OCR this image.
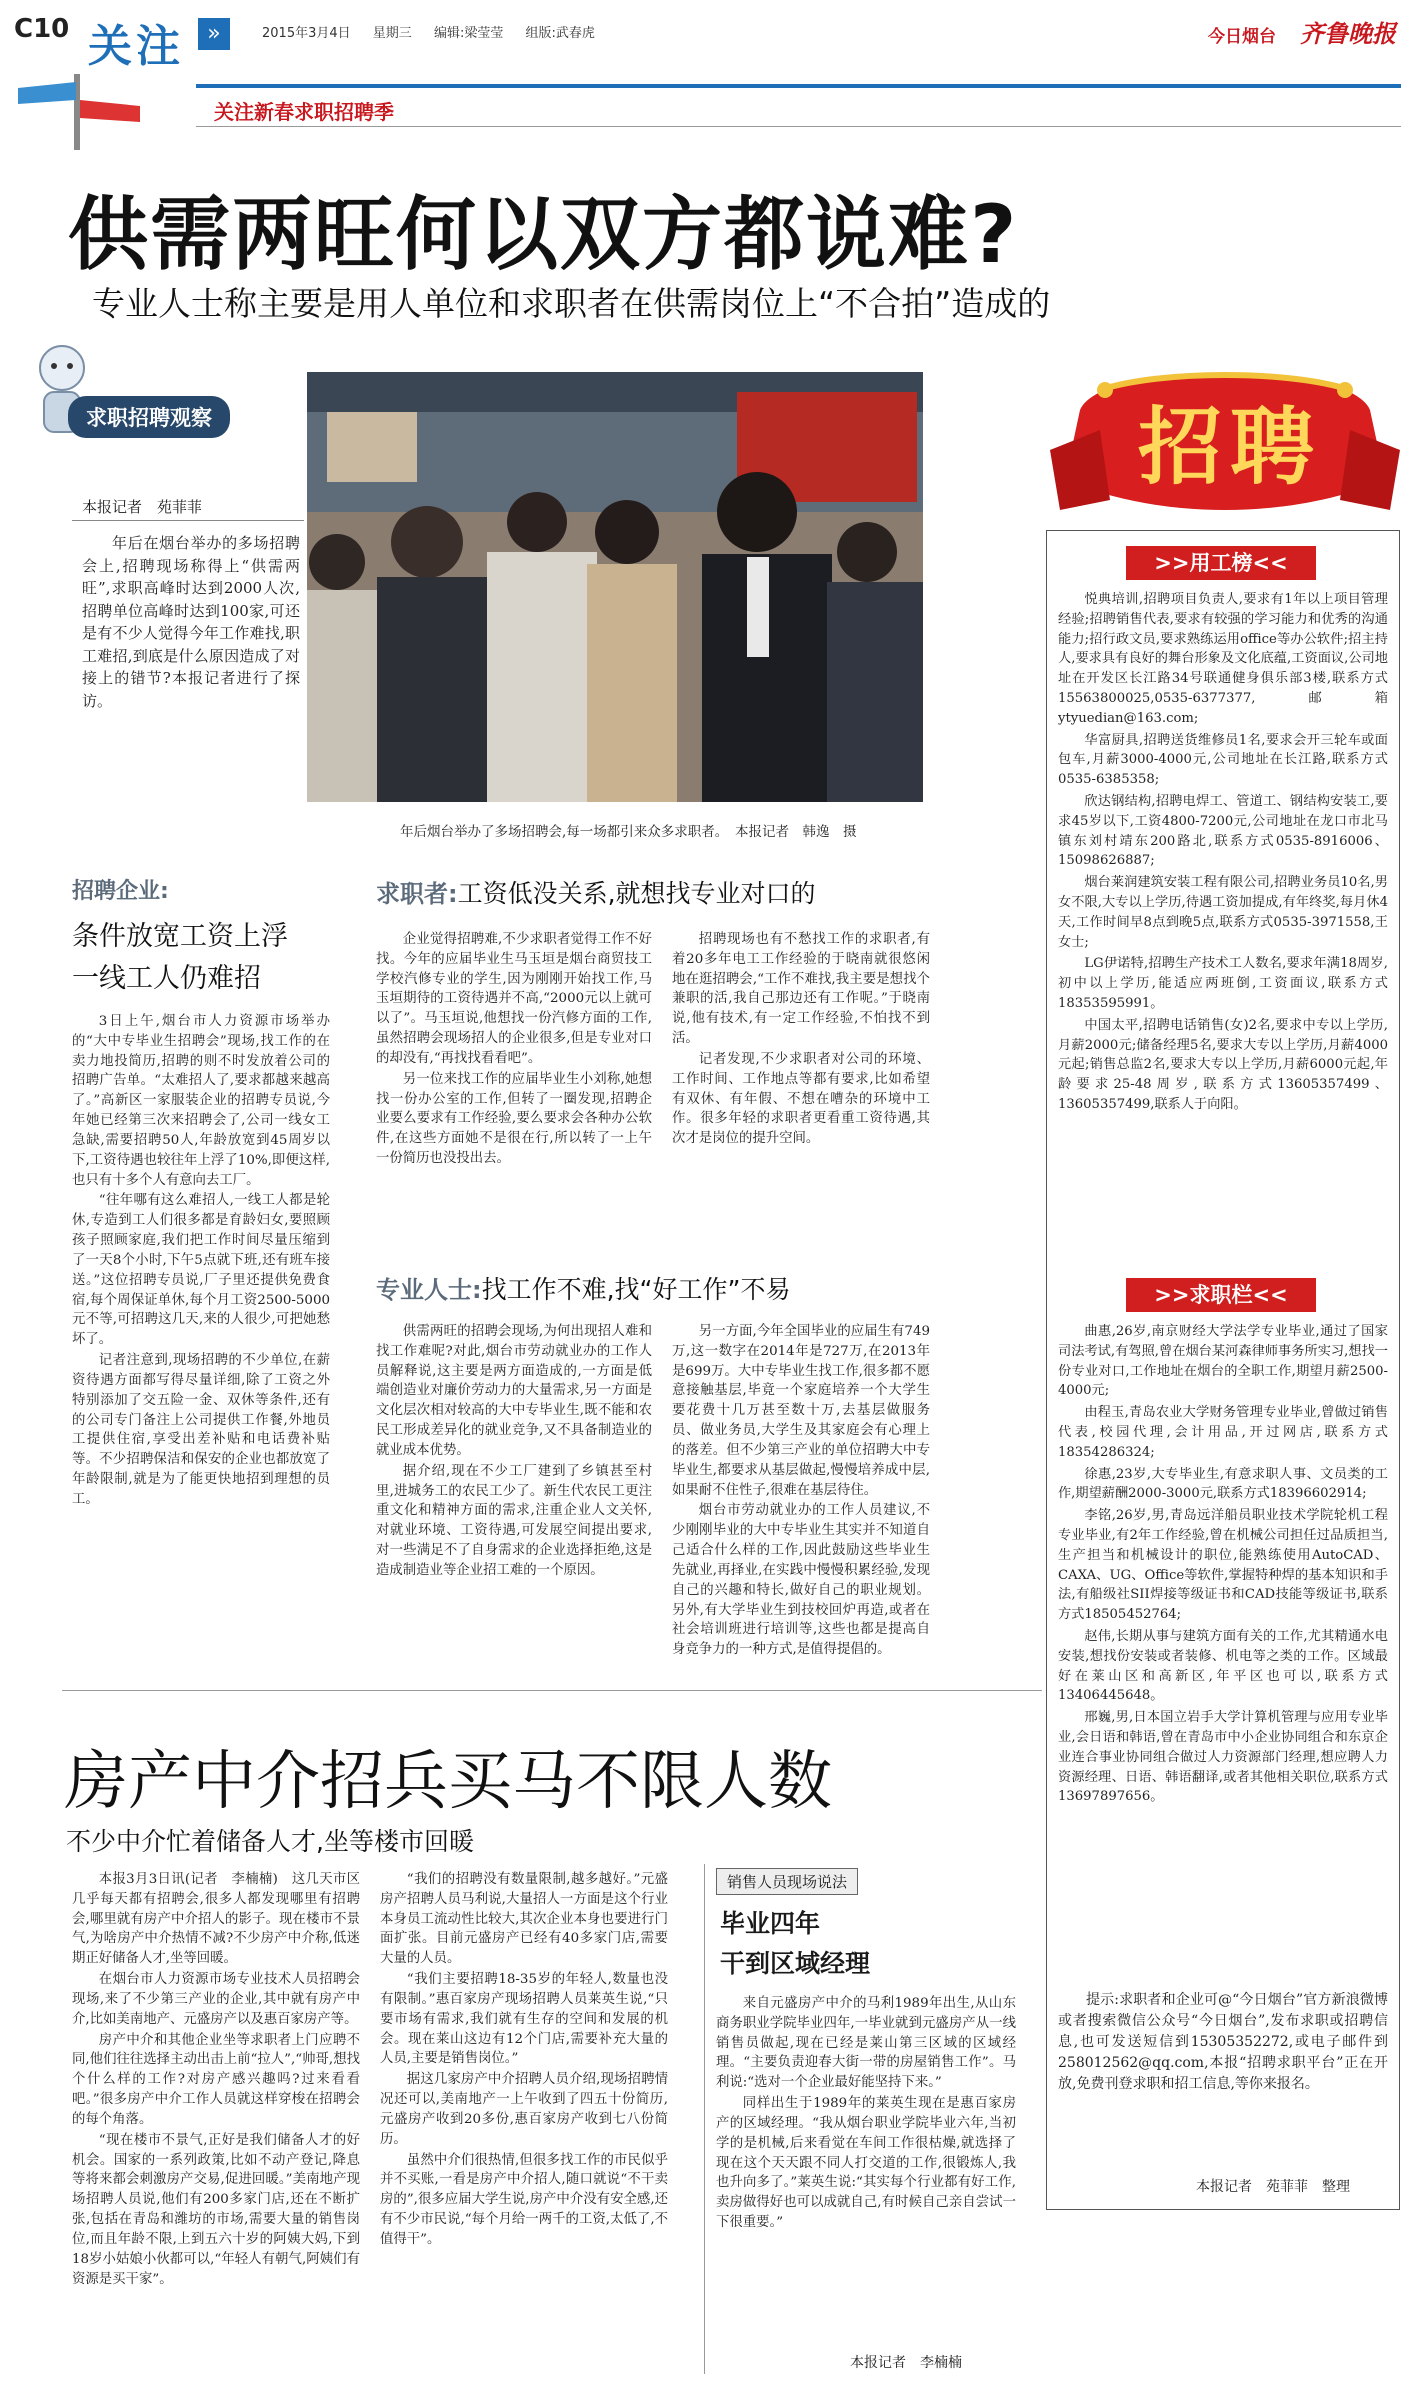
C10 关注	»	2015年3月4日 星期三 编辑:梁莹莹 组版:武春虎	今日烟台 齐鲁晚报
关注新春求职招聘季
供需两旺何以双方都说难?
专业人士称主要是用人单位和求职者在供需岗位上“不合拍”造成的
求职招聘观察
本报记者　苑菲菲

年后在烟台举办的多场招聘会上,招聘现场称得上“供需两旺”,求职高峰时达到2000人次,招聘单位高峰时达到100家,可还是有不少人觉得今年工作难找,职工难招,到底是什么原因造成了对接上的错节?本报记者进行了探访。

年后烟台举办了多场招聘会,每一场都引来众多求职者。　本报记者　韩逸　摄
招聘企业:
条件放宽工资上浮
一线工人仍难招

3日上午,烟台市人力资源市场举办的“大中专毕业生招聘会”现场,找工作的在卖力地投简历,招聘的则不时发放着公司的招聘广告单。“太难招人了,要求都越来越高了。”高新区一家服装企业的招聘专员说,今年她已经第三次来招聘会了,公司一线女工急缺,需要招聘50人,年龄放宽到45周岁以下,工资待遇也较往年上浮了10%,即便这样,也只有十多个人有意向去工厂。

“往年哪有这么难招人,一线工人都是轮休,专造到工人们很多都是育龄妇女,要照顾孩子照顾家庭,我们把工作时间尽量压缩到了一天8个小时,下午5点就下班,还有班车接送。”这位招聘专员说,厂子里还提供免费食宿,每个周保证单休,每个月工资2500-5000元不等,可招聘这几天,来的人很少,可把她愁坏了。

记者注意到,现场招聘的不少单位,在薪资待遇方面都写得尽量详细,除了工资之外特别添加了交五险一金、双休等条件,还有的公司专门备注上公司提供工作餐,外地员工提供住宿,享受出差补贴和电话费补贴等。不少招聘保洁和保安的企业也都放宽了年龄限制,就是为了能更快地招到理想的员工。

求职者:工资低没关系,就想找专业对口的

企业觉得招聘难,不少求职者觉得工作不好找。今年的应届毕业生马玉垣是烟台商贸技工学校汽修专业的学生,因为刚刚开始找工作,马玉垣期待的工资待遇并不高,“2000元以上就可以了”。马玉垣说,他想找一份汽修方面的工作,虽然招聘会现场招人的企业很多,但是专业对口的却没有,“再找找看看吧”。

另一位来找工作的应届毕业生小刘称,她想找一份办公室的工作,但转了一圈发现,招聘企业要么要求有工作经验,要么要求会各种办公软件,在这些方面她不是很在行,所以转了一上午一份简历也没投出去。

招聘现场也有不愁找工作的求职者,有着20多年电工工作经验的于晓南就很悠闲地在逛招聘会,“工作不难找,我主要是想找个兼职的活,我自己那边还有工作呢。”于晓南说,他有技术,有一定工作经验,不怕找不到活。

记者发现,不少求职者对公司的环境、工作时间、工作地点等都有要求,比如希望有双休、有年假、不想在嘈杂的环境中工作。很多年轻的求职者更看重工资待遇,其次才是岗位的提升空间。

专业人士:找工作不难,找“好工作”不易

供需两旺的招聘会现场,为何出现招人难和找工作难呢?对此,烟台市劳动就业办的工作人员解释说,这主要是两方面造成的,一方面是低端创造业对廉价劳动力的大量需求,另一方面是文化层次相对较高的大中专毕业生,既不能和农民工形成差异化的就业竞争,又不具备制造业的就业成本优势。

据介绍,现在不少工厂建到了乡镇甚至村里,进城务工的农民工少了。新生代农民工更注重文化和精神方面的需求,注重企业人文关怀,对就业环境、工资待遇,可发展空间提出要求,对一些满足不了自身需求的企业选择拒绝,这是造成制造业等企业招工难的一个原因。

另一方面,今年全国毕业的应届生有749万,这一数字在2014年是727万,在2013年是699万。大中专毕业生找工作,很多都不愿意接触基层,毕竟一个家庭培养一个大学生要花费十几万甚至数十万,去基层做服务员、做业务员,大学生及其家庭会有心理上的落差。但不少第三产业的单位招聘大中专毕业生,都要求从基层做起,慢慢培养成中层,如果耐不住性子,很难在基层待住。

烟台市劳动就业办的工作人员建议,不少刚刚毕业的大中专毕业生其实并不知道自己适合什么样的工作,因此鼓励这些毕业生先就业,再择业,在实践中慢慢积累经验,发现自己的兴趣和特长,做好自己的职业规划。另外,有大学毕业生到技校回炉再造,或者在社会培训班进行培训等,这些也都是提高自身竞争力的一种方式,是值得提倡的。

房产中介招兵买马不限人数
不少中介忙着储备人才,坐等楼市回暖

本报3月3日讯(记者　李楠楠)　这几天市区几乎每天都有招聘会,很多人都发现哪里有招聘会,哪里就有房产中介招人的影子。现在楼市不景气,为啥房产中介热情不减?不少房产中介称,低迷期正好储备人才,坐等回暖。

在烟台市人力资源市场专业技术人员招聘会现场,来了不少第三产业的企业,其中就有房产中介,比如美南地产、元盛房产以及惠百家房产等。

房产中介和其他企业坐等求职者上门应聘不同,他们往往选择主动出击上前“拉人”,“帅哥,想找个什么样的工作?对房产感兴趣吗?过来看看吧。”很多房产中介工作人员就这样穿梭在招聘会的每个角落。

“现在楼市不景气,正好是我们储备人才的好机会。国家的一系列政策,比如不动产登记,降息等将来都会刺激房产交易,促进回暖。”美南地产现场招聘人员说,他们有200多家门店,还在不断扩张,包括在青岛和潍坊的市场,需要大量的销售岗位,而且年龄不限,上到五六十岁的阿姨大妈,下到18岁小姑娘小伙都可以,“年轻人有朝气,阿姨们有资源是买干家”。

“我们的招聘没有数量限制,越多越好。”元盛房产招聘人员马利说,大量招人一方面是这个行业本身员工流动性比较大,其次企业本身也要进行门面扩张。目前元盛房产已经有40多家门店,需要大量的人员。

“我们主要招聘18-35岁的年轻人,数量也没有限制。”惠百家房产现场招聘人员莱英生说,“只要市场有需求,我们就有生存的空间和发展的机会。现在莱山这边有12个门店,需要补充大量的人员,主要是销售岗位。”

据这几家房产中介招聘人员介绍,现场招聘情况还可以,美南地产一上午收到了四五十份简历,元盛房产收到20多份,惠百家房产收到七八份简历。

虽然中介们很热情,但很多找工作的市民似乎并不买账,一看是房产中介招人,随口就说“不干卖房的”,很多应届大学生说,房产中介没有安全感,还有不少市民说,“每个月给一两千的工资,太低了,不值得干”。

销售人员现场说法
毕业四年
干到区域经理

来自元盛房产中介的马利1989年出生,从山东商务职业学院毕业四年,一毕业就到元盛房产从一线销售员做起,现在已经是莱山第三区域的区域经理。“主要负责迎春大街一带的房屋销售工作”。马利说:“选对一个企业最好能坚持下来。”

同样出生于1989年的莱英生现在是惠百家房产的区域经理。“我从烟台职业学院毕业六年,当初学的是机械,后来看觉在车间工作很枯燥,就选择了现在这个天天跟不同人打交道的工作,很锻炼人,我也升向多了。”莱英生说:“其实每个行业都有好工作,卖房做得好也可以成就自己,有时候自己亲自尝试一下很重要。”

本报记者　李楠楠
招聘
>>用工榜<<

悦典培训,招聘项目负责人,要求有1年以上项目管理经验;招聘销售代表,要求有较强的学习能力和优秀的沟通能力;招行政文员,要求熟练运用office等办公软件;招主持人,要求具有良好的舞台形象及文化底蕴,工资面议,公司地址在开发区长江路34号联通健身俱乐部3楼,联系方式15563800025,0535-6377377,邮箱ytyuedian@163.com;

华富厨具,招聘送货维修员1名,要求会开三轮车或面包车,月薪3000-4000元,公司地址在长江路,联系方式0535-6385358;

欣达钢结构,招聘电焊工、管道工、钢结构安装工,要求45岁以下,工资4800-7200元,公司地址在龙口市北马镇东刘村靖东200路北,联系方式0535-8916006、15098626887;

烟台莱润建筑安装工程有限公司,招聘业务员10名,男女不限,大专以上学历,待遇工资加提成,有年终奖,每月休4天,工作时间早8点到晚5点,联系方式0535-3971558,王女士;

LG伊诺特,招聘生产技术工人数名,要求年满18周岁,初中以上学历,能适应两班倒,工资面议,联系方式18353595991。

中国太平,招聘电话销售(女)2名,要求中专以上学历,月薪2000元;储备经理5名,要求大专以上学历,月薪4000元起;销售总监2名,要求大专以上学历,月薪6000元起,年龄要求25-48周岁,联系方式13605357499、13605357499,联系人于向阳。

>>求职栏<<

曲惠,26岁,南京财经大学法学专业毕业,通过了国家司法考试,有驾照,曾在烟台某河森律师事务所实习,想找一份专业对口,工作地址在烟台的全职工作,期望月薪2500-4000元;

由程玉,青岛农业大学财务管理专业毕业,曾做过销售代表,校园代理,会计用品,开过网店,联系方式18354286324;

徐惠,23岁,大专毕业生,有意求职人事、文员类的工作,期望薪酬2000-3000元,联系方式18396602914;

李铭,26岁,男,青岛远洋船员职业技术学院轮机工程专业毕业,有2年工作经验,曾在机械公司担任过品质担当,生产担当和机械设计的职位,能熟练使用AutoCAD、CAXA、UG、Office等软件,掌握特种焊的基本知识和手法,有船级社SII焊接等级证书和CAD技能等级证书,联系方式18505452764;

赵伟,长期从事与建筑方面有关的工作,尤其精通水电安装,想找份安装或者装修、机电等之类的工作。区域最好在莱山区和高新区,年平区也可以,联系方式13406445648。

邢巍,男,日本国立岩手大学计算机管理与应用专业毕业,会日语和韩语,曾在青岛市中小企业协同组合和东京企业连合事业协同组合做过人力资源部门经理,想应聘人力资源经理、日语、韩语翻译,或者其他相关职位,联系方式13697897656。

提示:求职者和企业可@“今日烟台”官方新浪微博或者搜索微信公众号“今日烟台”,发布求职或招聘信息,也可发送短信到15305352272,或电子邮件到258012562@qq.com,本报“招聘求职平台”正在开放,免费刊登求职和招工信息,等你来报名。

本报记者　苑菲菲　整理
